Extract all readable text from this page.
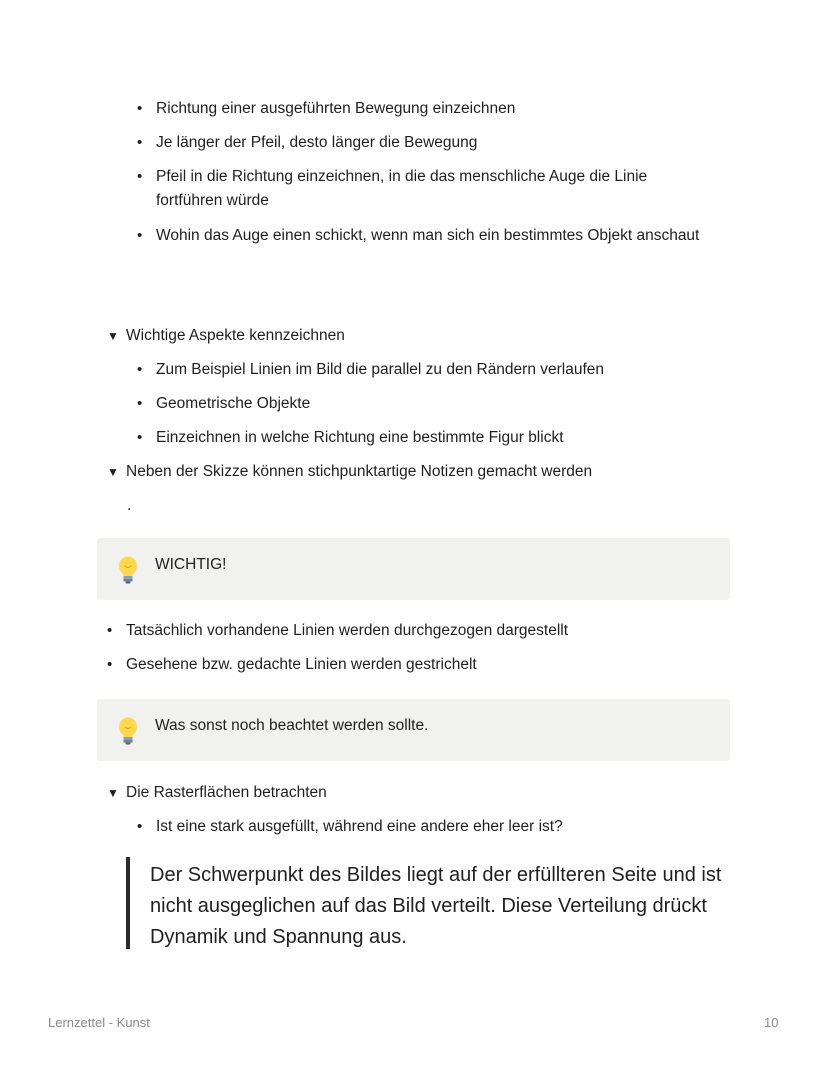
• Richtung einer ausgeführten Bewegung einzeichnen
• Je länger der Pfeil, desto länger die Bewegung
• Pfeil in die Richtung einzeichnen, in die das menschliche Auge die Linie fortführen würde
• Wohin das Auge einen schickt, wenn man sich ein bestimmtes Objekt anschaut
▼ Wichtige Aspekte kennzeichnen
• Zum Beispiel Linien im Bild die parallel zu den Rändern verlaufen
• Geometrische Objekte
• Einzeichnen in welche Richtung eine bestimmte Figur blickt
▼ Neben der Skizze können stichpunktartige Notizen gemacht werden
.
WICHTIG!
• Tatsächlich vorhandene Linien werden durchgezogen dargestellt
• Gesehene bzw. gedachte Linien werden gestrichelt
Was sonst noch beachtet werden sollte.
▼ Die Rasterflächen betrachten
• Ist eine stark ausgefüllt, während eine andere eher leer ist?
Der Schwerpunkt des Bildes liegt auf der erfüllteren Seite und ist nicht ausgeglichen auf das Bild verteilt. Diese Verteilung drückt Dynamik und Spannung aus.
Lernzettel - Kunst	10
